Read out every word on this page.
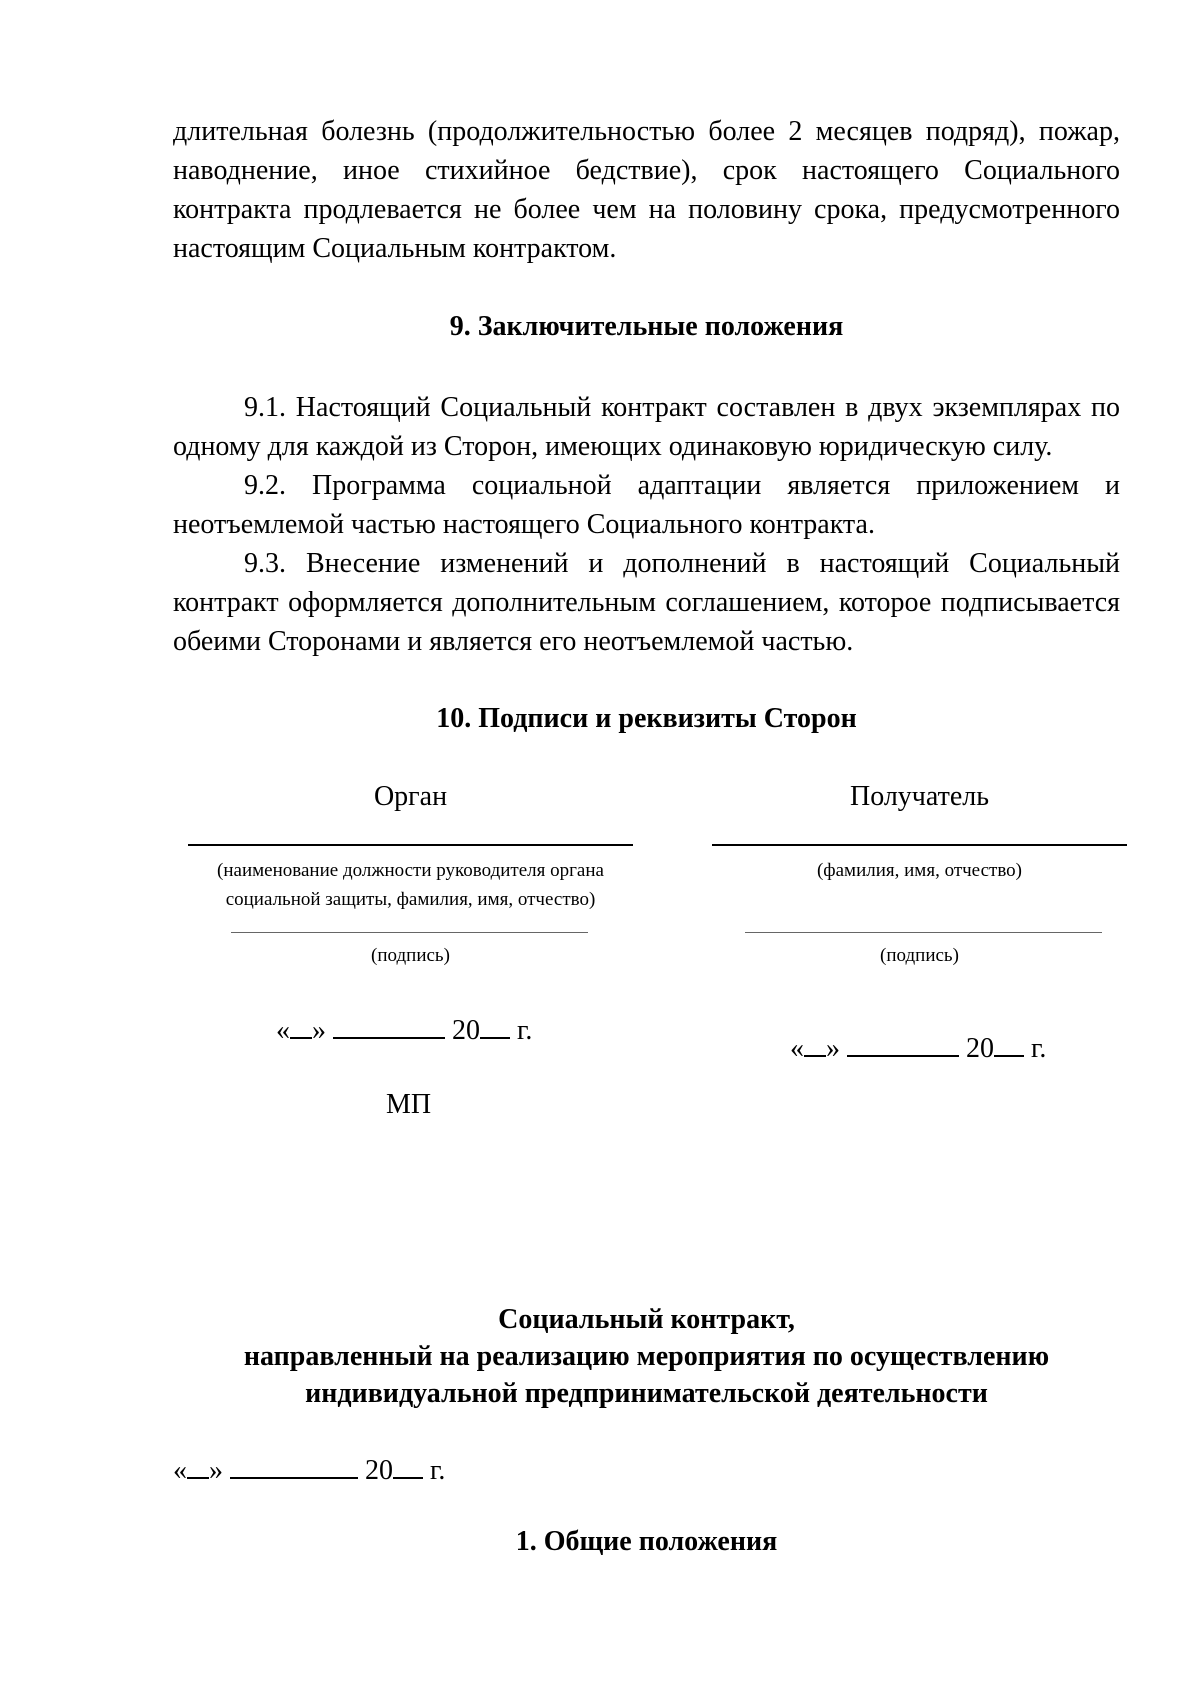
длительная болезнь (продолжительностью более 2 месяцев подряд), пожар, наводнение, иное стихийное бедствие), срок настоящего Социального контракта продлевается не более чем на половину срока, предусмотренного настоящим Социальным контрактом.

9. Заключительные положения

9.1. Настоящий Социальный контракт составлен в двух экземплярах по одному для каждой из Сторон, имеющих одинаковую юридическую силу.

9.2. Программа социальной адаптации является приложением и неотъемлемой частью настоящего Социального контракта.

9.3. Внесение изменений и дополнений в настоящий Социальный контракт оформляется дополнительным соглашением, которое подписывается обеими Сторонами и является его неотъемлемой частью.

10. Подписи и реквизиты Сторон

Орган
(наименование должности руководителя органа
социальной защиты, фамилия, имя, отчество)
(подпись)
« »	20 г.
МП
Получатель
(фамилия, имя, отчество)
(подпись)
« »	20 г.
Социальный контракт,
направленный на реализацию мероприятия по осуществлению
индивидуальной предпринимательской деятельности
« »	20 г.

1. Общие положения
